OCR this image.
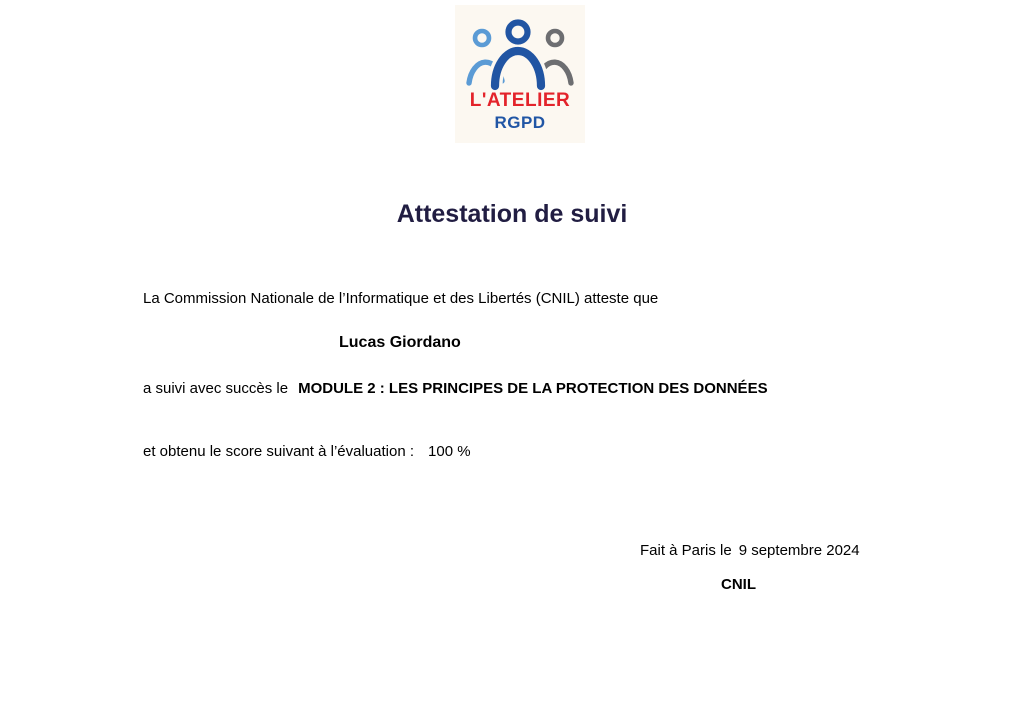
L'ATELIER
RGPD
Attestation de suivi
La Commission Nationale de l’Informatique et des Libertés (CNIL) atteste que
Lucas Giordano
a suivi avec succès le MODULE 2 : LES PRINCIPES DE LA PROTECTION DES DONNÉES
et obtenu le score suivant à l’évaluation : 100 %
Fait à Paris le 9 septembre 2024
CNIL
